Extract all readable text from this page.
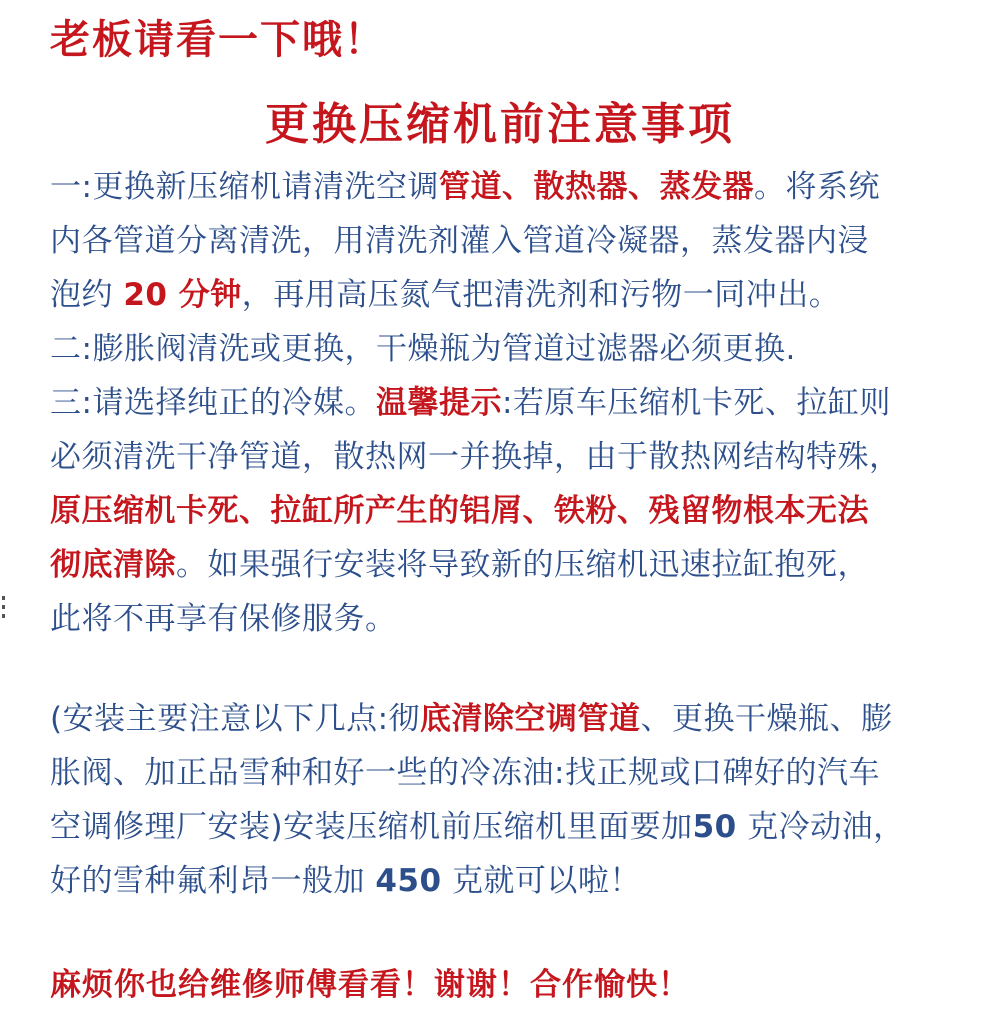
老板请看一下哦！
更换压缩机前注意事项
一:更换新压缩机请清洗空调管道、散热器、蒸发器。将系统
内各管道分离清洗，用清洗剂灌入管道冷凝器，蒸发器内浸
泡约 20 分钟，再用高压氮气把清洗剂和污物一同冲出。
二:膨胀阀清洗或更换，干燥瓶为管道过滤器必须更换.
三:请选择纯正的冷媒。温馨提示:若原车压缩机卡死、拉缸则
必须清洗干净管道，散热网一并换掉，由于散热网结构特殊，
原压缩机卡死、拉缸所产生的铝屑、铁粉、残留物根本无法
彻底清除。如果强行安装将导致新的压缩机迅速拉缸抱死，
此将不再享有保修服务。
(安装主要注意以下几点:彻底清除空调管道、更换干燥瓶、膨
胀阀、加正品雪种和好一些的冷冻油:找正规或口碑好的汽车
空调修理厂安装)安装压缩机前压缩机里面要加50 克冷动油，
好的雪种氟利昂一般加 450 克就可以啦！
麻烦你也给维修师傅看看！谢谢！合作愉快！
